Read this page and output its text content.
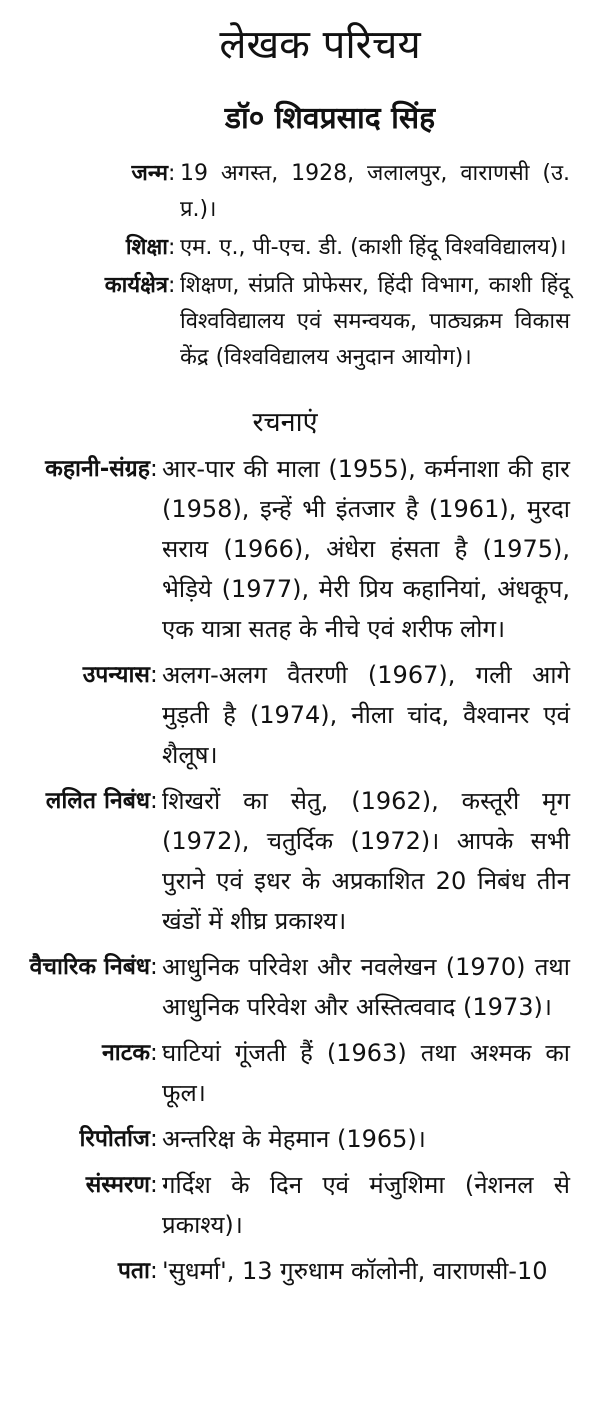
लेखक परिचय
डॉ० शिवप्रसाद सिंह
जन्म : 19 अगस्त, 1928, जलालपुर, वाराणसी (उ. प्र.)।
शिक्षा : एम. ए., पी-एच. डी. (काशी हिंदू विश्वविद्यालय)।
कार्यक्षेत्र : शिक्षण, संप्रति प्रोफेसर, हिंदी विभाग, काशी हिंदू विश्वविद्यालय एवं समन्वयक, पाठ्यक्रम विकास केंद्र (विश्वविद्यालय अनुदान आयोग)।
रचनाएं
कहानी-संग्रह : आर-पार की माला (1955), कर्मनाशा की हार (1958), इन्हें भी इंतजार है (1961), मुरदा सराय (1966), अंधेरा हंसता है (1975), भेड़िये (1977), मेरी प्रिय कहानियां, अंधकूप, एक यात्रा सतह के नीचे एवं शरीफ लोग।
उपन्यास : अलग-अलग वैतरणी (1967), गली आगे मुड़ती है (1974), नीला चांद, वैश्वानर एवं शैलूष।
ललित निबंध : शिखरों का सेतु, (1962), कस्तूरी मृग (1972), चतुर्दिक (1972)। आपके सभी पुराने एवं इधर के अप्रकाशित 20 निबंध तीन खंडों में शीघ्र प्रकाश्य।
वैचारिक निबंध : आधुनिक परिवेश और नवलेखन (1970) तथा आधुनिक परिवेश और अस्तित्ववाद (1973)।
नाटक : घाटियां गूंजती हैं (1963) तथा अश्मक का फूल।
रिपोर्ताज : अन्तरिक्ष के मेहमान (1965)।
संस्मरण : गर्दिश के दिन एवं मंजुशिमा (नेशनल से प्रकाश्य)।
पता : 'सुधर्मा', 13 गुरुधाम कॉलोनी, वाराणसी-10
